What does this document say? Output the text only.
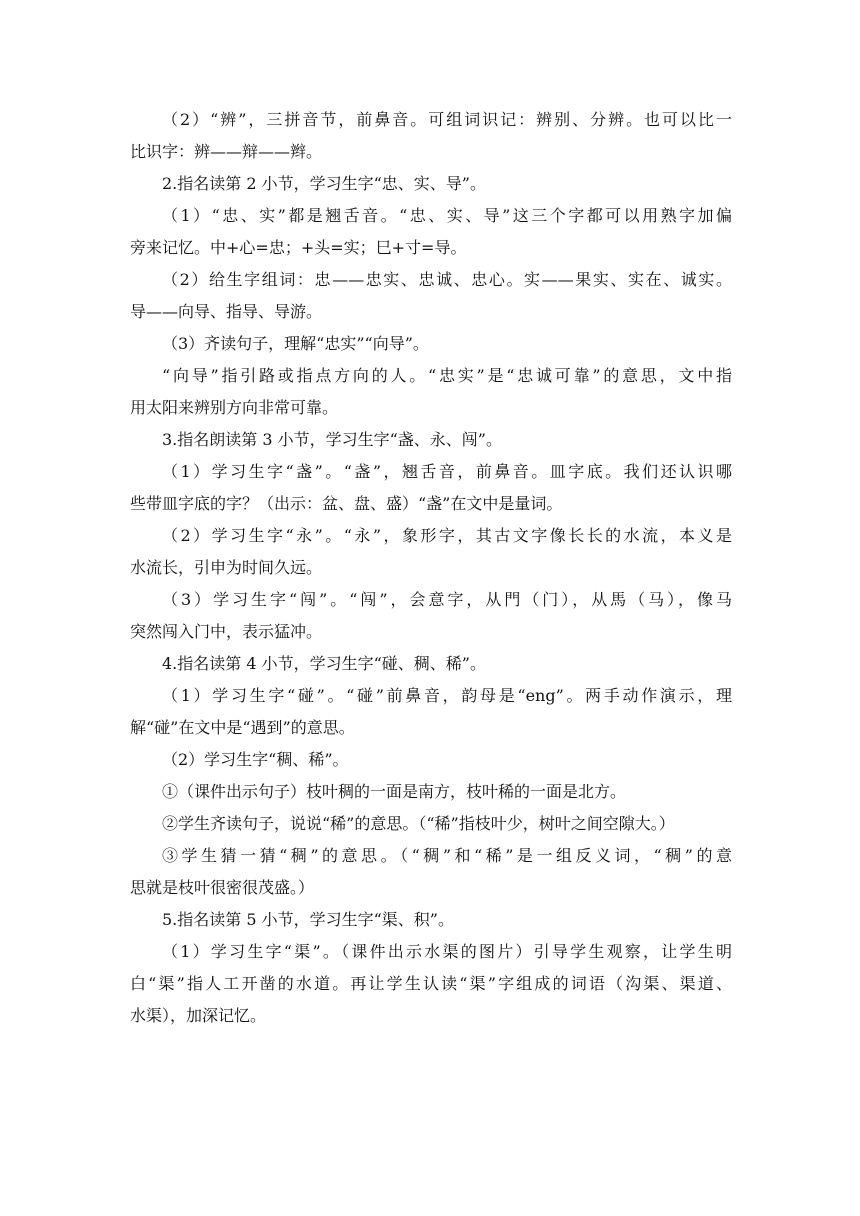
（2）“辨”，三拼音节，前鼻音。可组词识记：辨别、分辨。也可以比一

比识字：辨——辩——辫。

2.指名读第 2 小节，学习生字“忠、实、导”。

（1）“忠、实”都是翘舌音。“忠、实、导”这三个字都可以用熟字加偏

旁来记忆。中+心=忠；+头=实；巳+寸=导。

（2）给生字组词：忠——忠实、忠诚、忠心。实——果实、实在、诚实。

导——向导、指导、导游。

（3）齐读句子，理解“忠实”“向导”。

“向导”指引路或指点方向的人。“忠实”是“忠诚可靠”的意思，文中指

用太阳来辨别方向非常可靠。

3.指名朗读第 3 小节，学习生字“盏、永、闯”。

（1）学习生字“盏”。“盏”，翘舌音，前鼻音。皿字底。我们还认识哪

些带皿字底的字？（出示：盆、盘、盛）“盏”在文中是量词。

（2）学习生字“永”。“永”，象形字，其古文字像长长的水流，本义是

水流长，引申为时间久远。

（3）学习生字“闯”。“闯”，会意字，从門（门），从馬（马），像马

突然闯入门中，表示猛冲。

4.指名读第 4 小节，学习生字“碰、稠、稀”。

（1）学习生字“碰”。“碰”前鼻音，韵母是“eng”。两手动作演示，理

解“碰”在文中是“遇到”的意思。

（2）学习生字“稠、稀”。

①（课件出示句子）枝叶稠的一面是南方，枝叶稀的一面是北方。

②学生齐读句子，说说“稀”的意思。（“稀”指枝叶少，树叶之间空隙大。）

③学生猜一猜“稠”的意思。（“稠”和“稀”是一组反义词，“稠”的意

思就是枝叶很密很茂盛。）

5.指名读第 5 小节，学习生字“渠、积”。

（1）学习生字“渠”。（课件出示水渠的图片）引导学生观察，让学生明

白“渠”指人工开凿的水道。再让学生认读“渠”字组成的词语（沟渠、渠道、

水渠），加深记忆。
